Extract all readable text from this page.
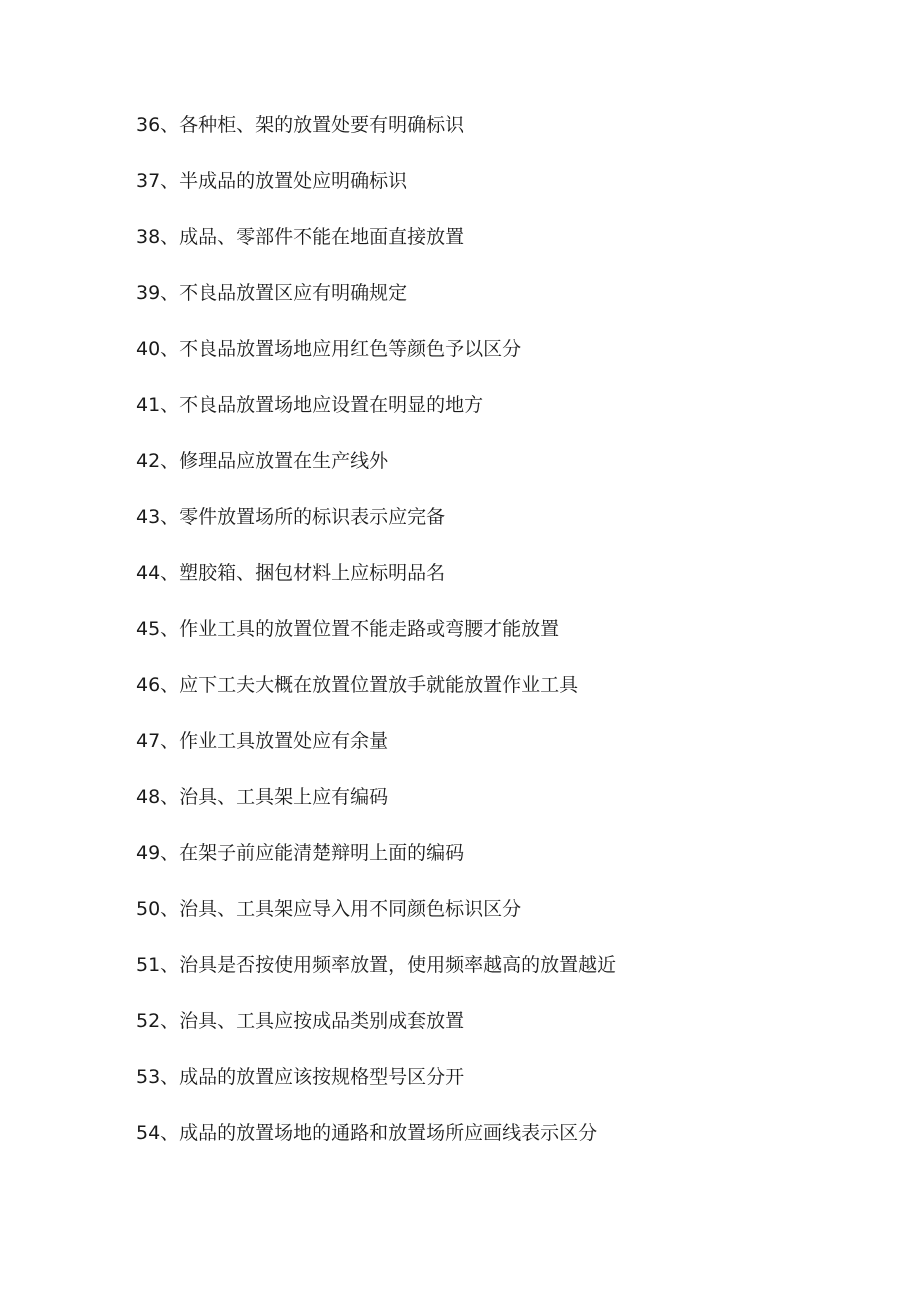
36、各种柜、架的放置处要有明确标识
37、半成品的放置处应明确标识
38、成品、零部件不能在地面直接放置
39、不良品放置区应有明确规定
40、不良品放置场地应用红色等颜色予以区分
41、不良品放置场地应设置在明显的地方
42、修理品应放置在生产线外
43、零件放置场所的标识表示应完备
44、塑胶箱、捆包材料上应标明品名
45、作业工具的放置位置不能走路或弯腰才能放置
46、应下工夫大概在放置位置放手就能放置作业工具
47、作业工具放置处应有余量
48、治具、工具架上应有编码
49、在架子前应能清楚辩明上面的编码
50、治具、工具架应导入用不同颜色标识区分
51、治具是否按使用频率放置，使用频率越高的放置越近
52、治具、工具应按成品类别成套放置
53、成品的放置应该按规格型号区分开
54、成品的放置场地的通路和放置场所应画线表示区分
